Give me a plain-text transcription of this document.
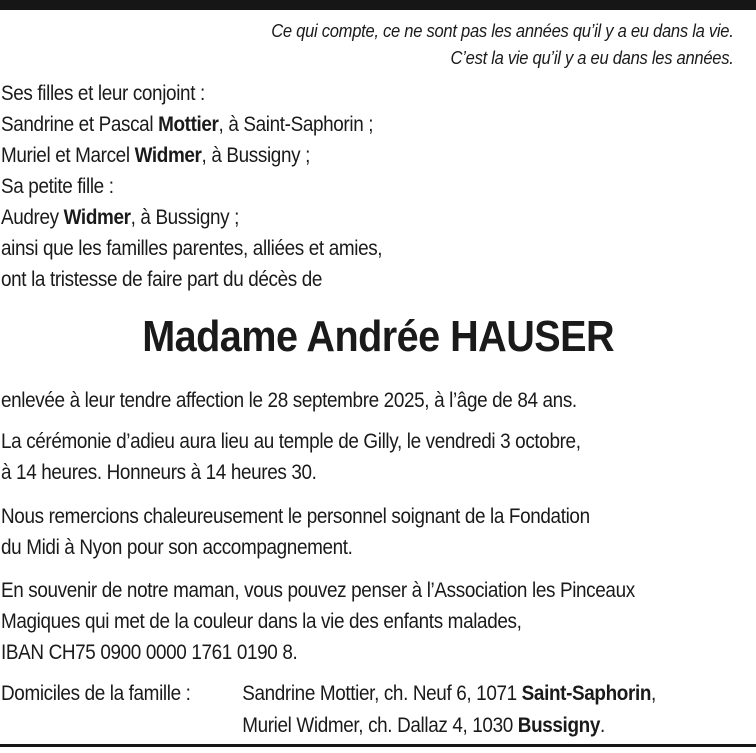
Ce qui compte, ce ne sont pas les années qu’il y a eu dans la vie.
C’est la vie qu’il y a eu dans les années.
Ses filles et leur conjoint :
Sandrine et Pascal Mottier, à Saint-Saphorin ;
Muriel et Marcel Widmer, à Bussigny ;
Sa petite fille :
Audrey Widmer, à Bussigny ;
ainsi que les familles parentes, alliées et amies,
ont la tristesse de faire part du décès de
Madame Andrée HAUSER
enlevée à leur tendre affection le 28 septembre 2025, à l’âge de 84 ans.
La cérémonie d’adieu aura lieu au temple de Gilly, le vendredi 3 octobre,
à 14 heures. Honneurs à 14 heures 30.
Nous remercions chaleureusement le personnel soignant de la Fondation
du Midi à Nyon pour son accompagnement.
En souvenir de notre maman, vous pouvez penser à l’Association les Pinceaux
Magiques qui met de la couleur dans la vie des enfants malades,
IBAN CH75 0900 0000 1761 0190 8.
Domiciles de la famille : Sandrine Mottier, ch. Neuf 6, 1071 Saint-Saphorin,
Muriel Widmer, ch. Dallaz 4, 1030 Bussigny.
